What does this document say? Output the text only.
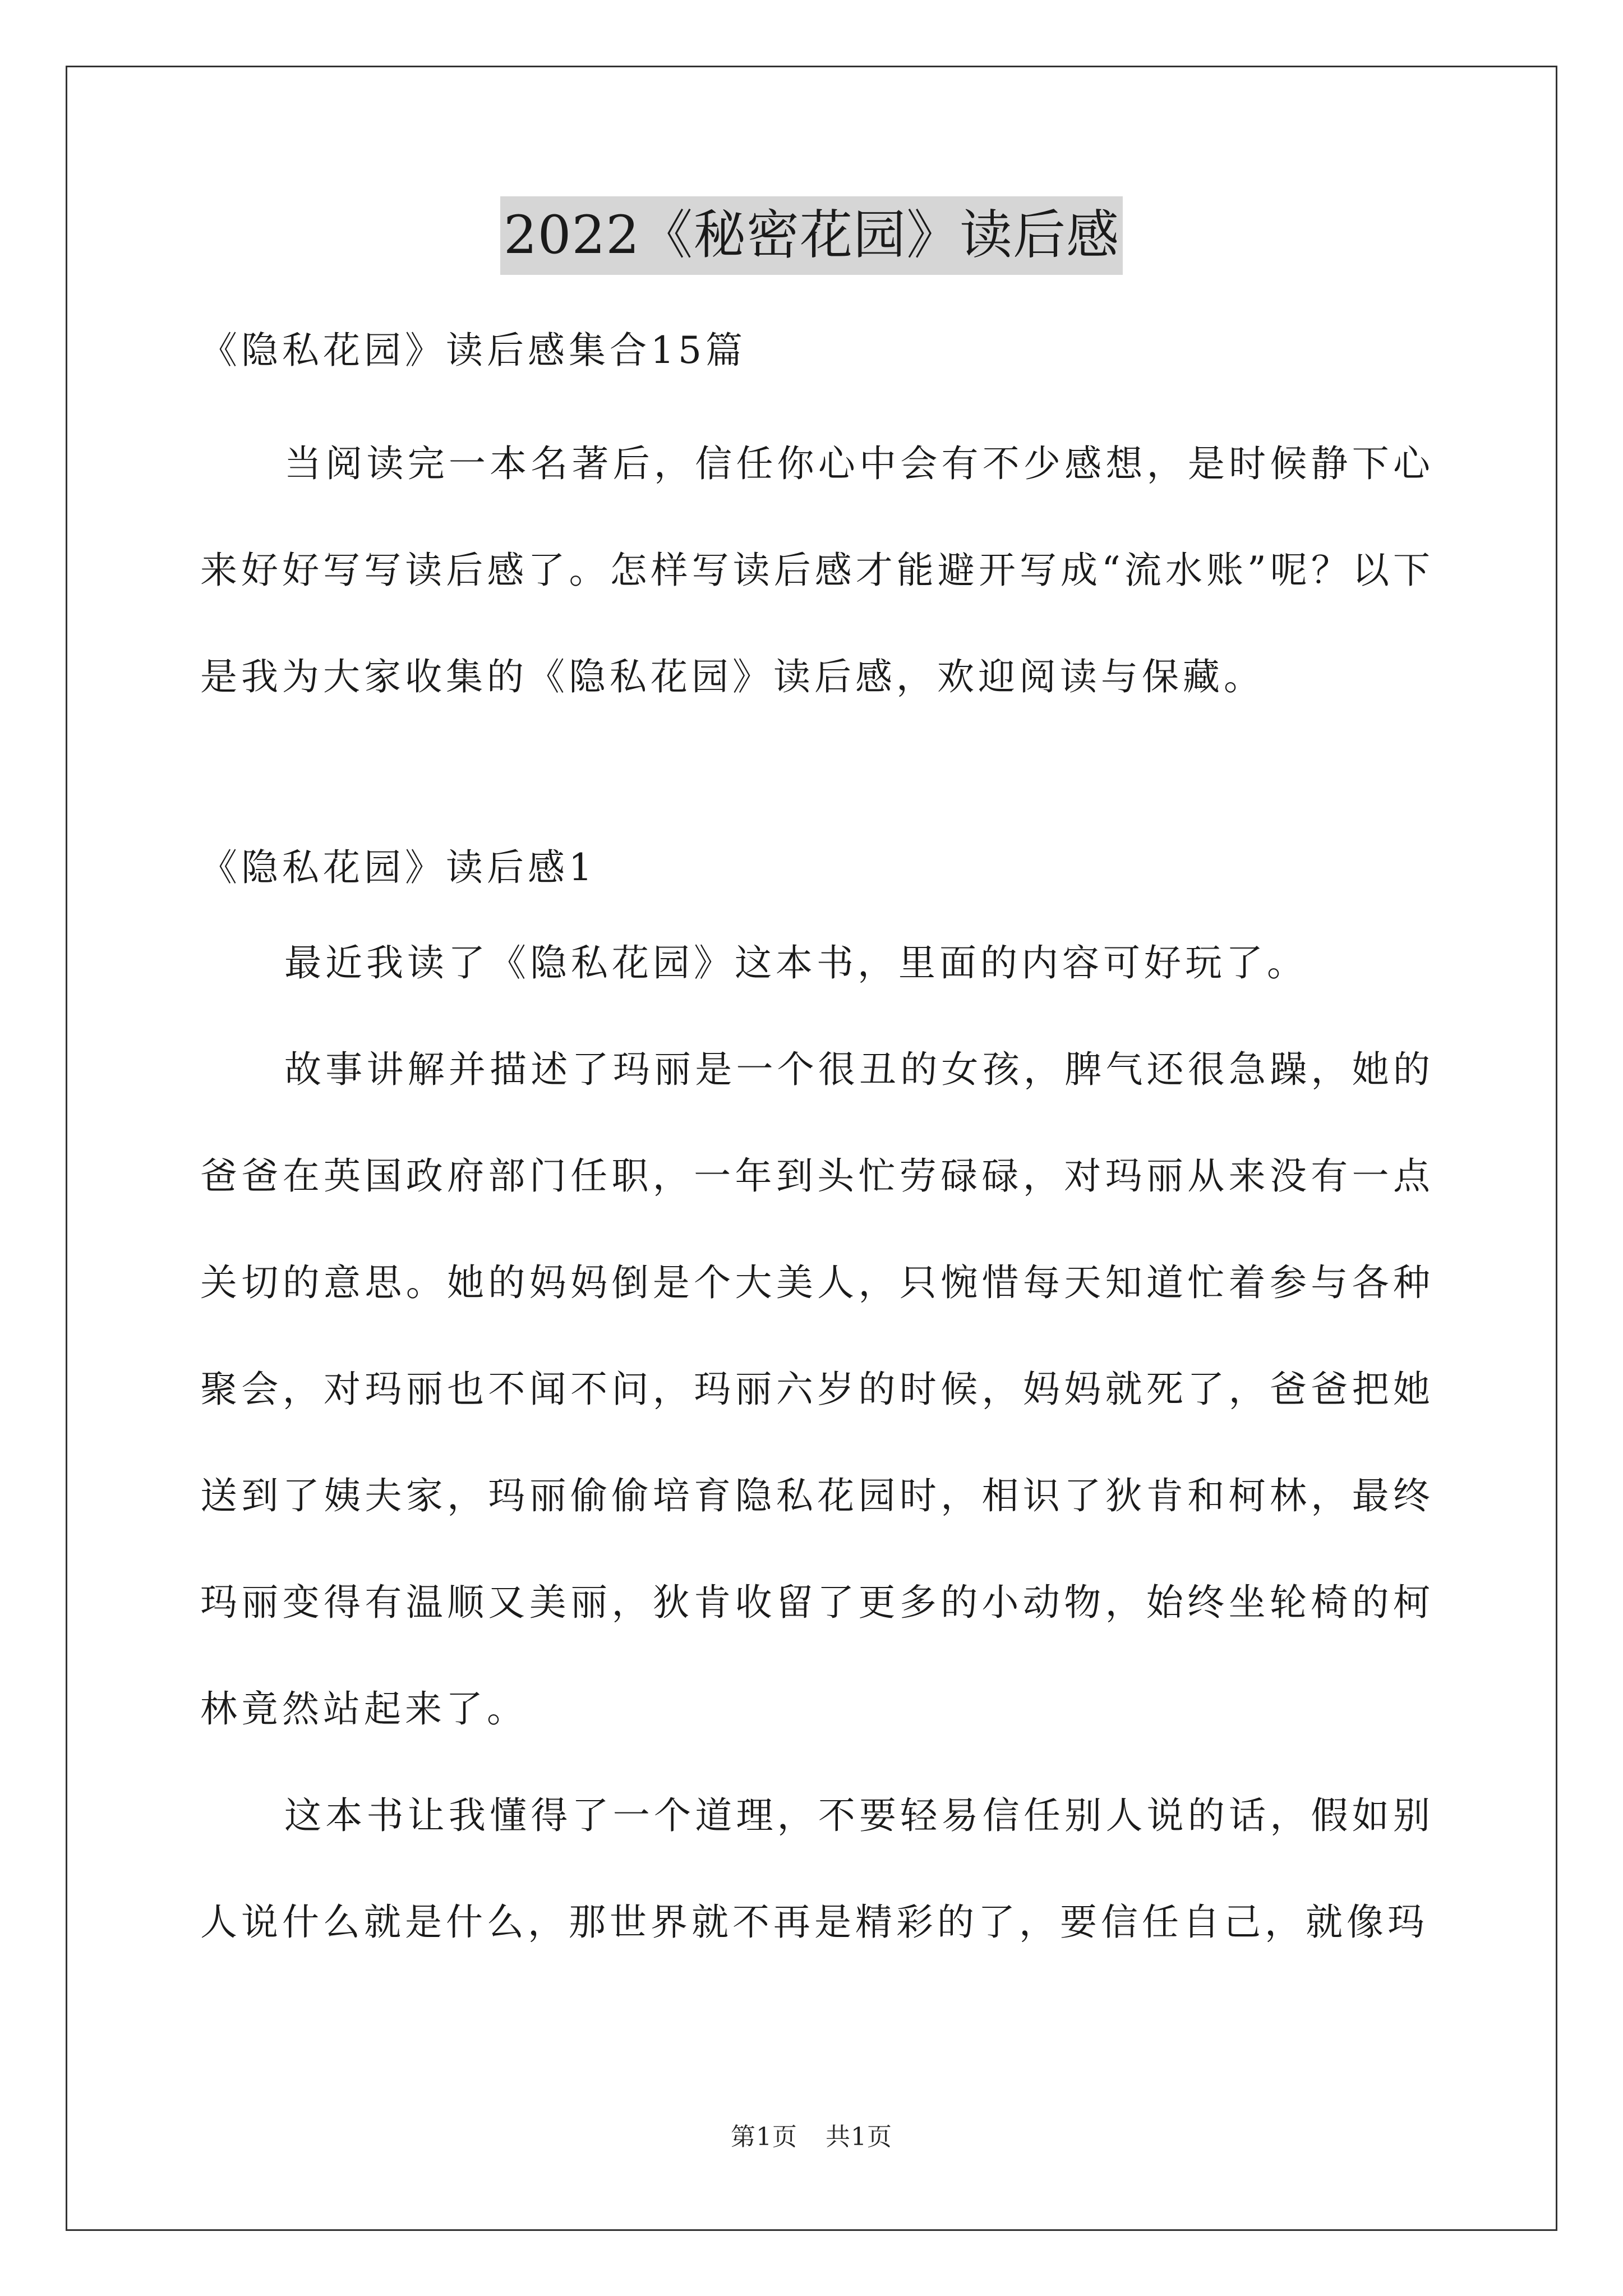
2022《秘密花园》读后感

《隐私花园》读后感集合15篇

当阅读完一本名著后，信任你心中会有不少感想，是时候静下心来好好写写读后感了。怎样写读后感才能避开写成“流水账”呢？以下是我为大家收集的《隐私花园》读后感，欢迎阅读与保藏。

《隐私花园》读后感1

最近我读了《隐私花园》这本书，里面的内容可好玩了。

故事讲解并描述了玛丽是一个很丑的女孩，脾气还很急躁，她的爸爸在英国政府部门任职，一年到头忙劳碌碌，对玛丽从来没有一点关切的意思。她的妈妈倒是个大美人，只惋惜每天知道忙着参与各种聚会，对玛丽也不闻不问，玛丽六岁的时候，妈妈就死了，爸爸把她送到了姨夫家，玛丽偷偷培育隐私花园时，相识了狄肯和柯林，最终玛丽变得有温顺又美丽，狄肯收留了更多的小动物，始终坐轮椅的柯林竟然站起来了。

这本书让我懂得了一个道理，不要轻易信任别人说的话，假如别人说什么就是什么，那世界就不再是精彩的了，要信任自己，就像玛

第1页 共1页
